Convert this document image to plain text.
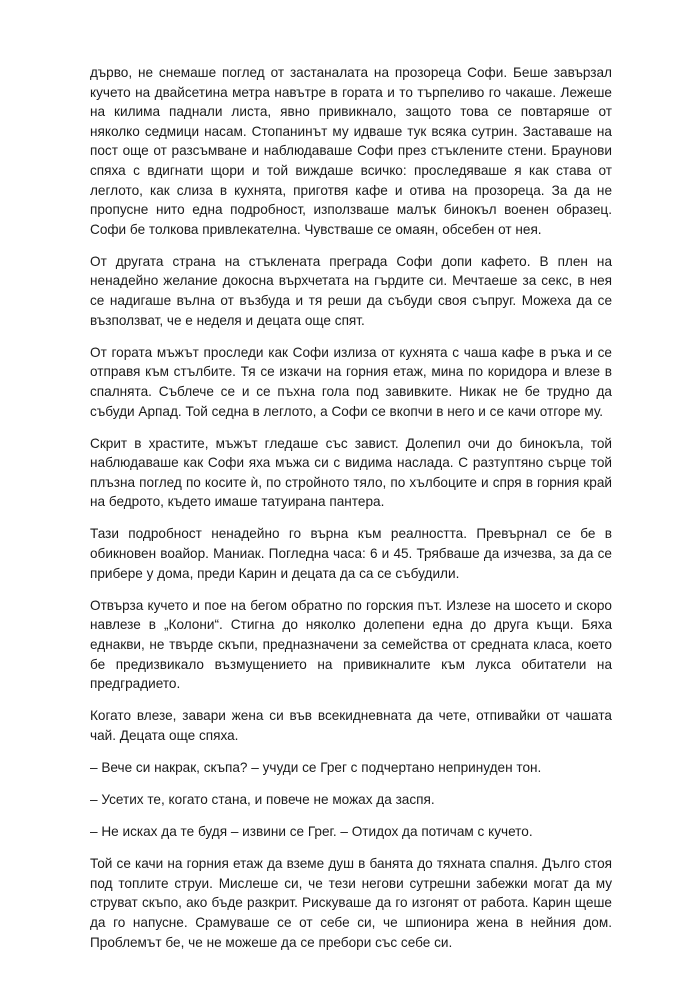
дърво, не снемаше поглед от застаналата на прозореца Софи. Беше завързал кучето на двайсетина метра навътре в гората и то търпеливо го чакаше. Лежеше на килима паднали листа, явно привикнало, защото това се повтаряше от няколко седмици насам. Стопанинът му идваше тук всяка сутрин. Заставаше на пост още от разсъмване и наблюдаваше Софи през стъклените стени. Браунови спяха с вдигнати щори и той виждаше всичко: проследяваше я как става от леглото, как слиза в кухнята, приготвя кафе и отива на прозореца. За да не пропусне нито една подробност, използваше малък бинокъл военен образец. Софи бе толкова привлекателна. Чувстваше се омаян, обсебен от нея.

От другата страна на стъклената преграда Софи допи кафето. В плен на ненадейно желание докосна върхчетата на гърдите си. Мечтаеше за секс, в нея се надигаше вълна от възбуда и тя реши да събуди своя съпруг. Можеха да се възползват, че е неделя и децата още спят.

От гората мъжът проследи как Софи излиза от кухнята с чаша кафе в ръка и се отправя към стълбите. Тя се изкачи на горния етаж, мина по коридора и влезе в спалнята. Съблече се и се пъхна гола под завивките. Никак не бе трудно да събуди Арпад. Той седна в леглото, а Софи се вкопчи в него и се качи отгоре му.

Скрит в храстите, мъжът гледаше със завист. Долепил очи до бинокъла, той наблюдаваше как Софи яха мъжа си с видима наслада. С разтуптяно сърце той плъзна поглед по косите ѝ, по стройното тяло, по хълбоците и спря в горния край на бедрото, където имаше татуирана пантера.

Тази подробност ненадейно го върна към реалността. Превърнал се бе в обикновен воайор. Маниак. Погледна часа: 6 и 45. Трябваше да изчезва, за да се прибере у дома, преди Карин и децата да са се събудили.

Отвърза кучето и пое на бегом обратно по горския път. Излезе на шосето и скоро навлезе в „Колони“. Стигна до няколко долепени една до друга къщи. Бяха еднакви, не твърде скъпи, предназначени за семейства от средната класа, което бе предизвикало възмущението на привикналите към лукса обитатели на предградието.

Когато влезе, завари жена си във всекидневната да чете, отпивайки от чашата чай. Децата още спяха.

– Вече си накрак, скъпа? – учуди се Грег с подчертано непринуден тон.

– Усетих те, когато стана, и повече не можах да заспя.

– Не исках да те будя – извини се Грег. – Отидох да потичам с кучето.

Той се качи на горния етаж да вземе душ в банята до тяхната спалня. Дълго стоя под топлите струи. Мислеше си, че тези негови сутрешни забежки могат да му струват скъпо, ако бъде разкрит. Рискуваше да го изгонят от работа. Карин щеше да го напусне. Срамуваше се от себе си, че шпионира жена в нейния дом. Проблемът бе, че не можеше да се пребори със себе си.
